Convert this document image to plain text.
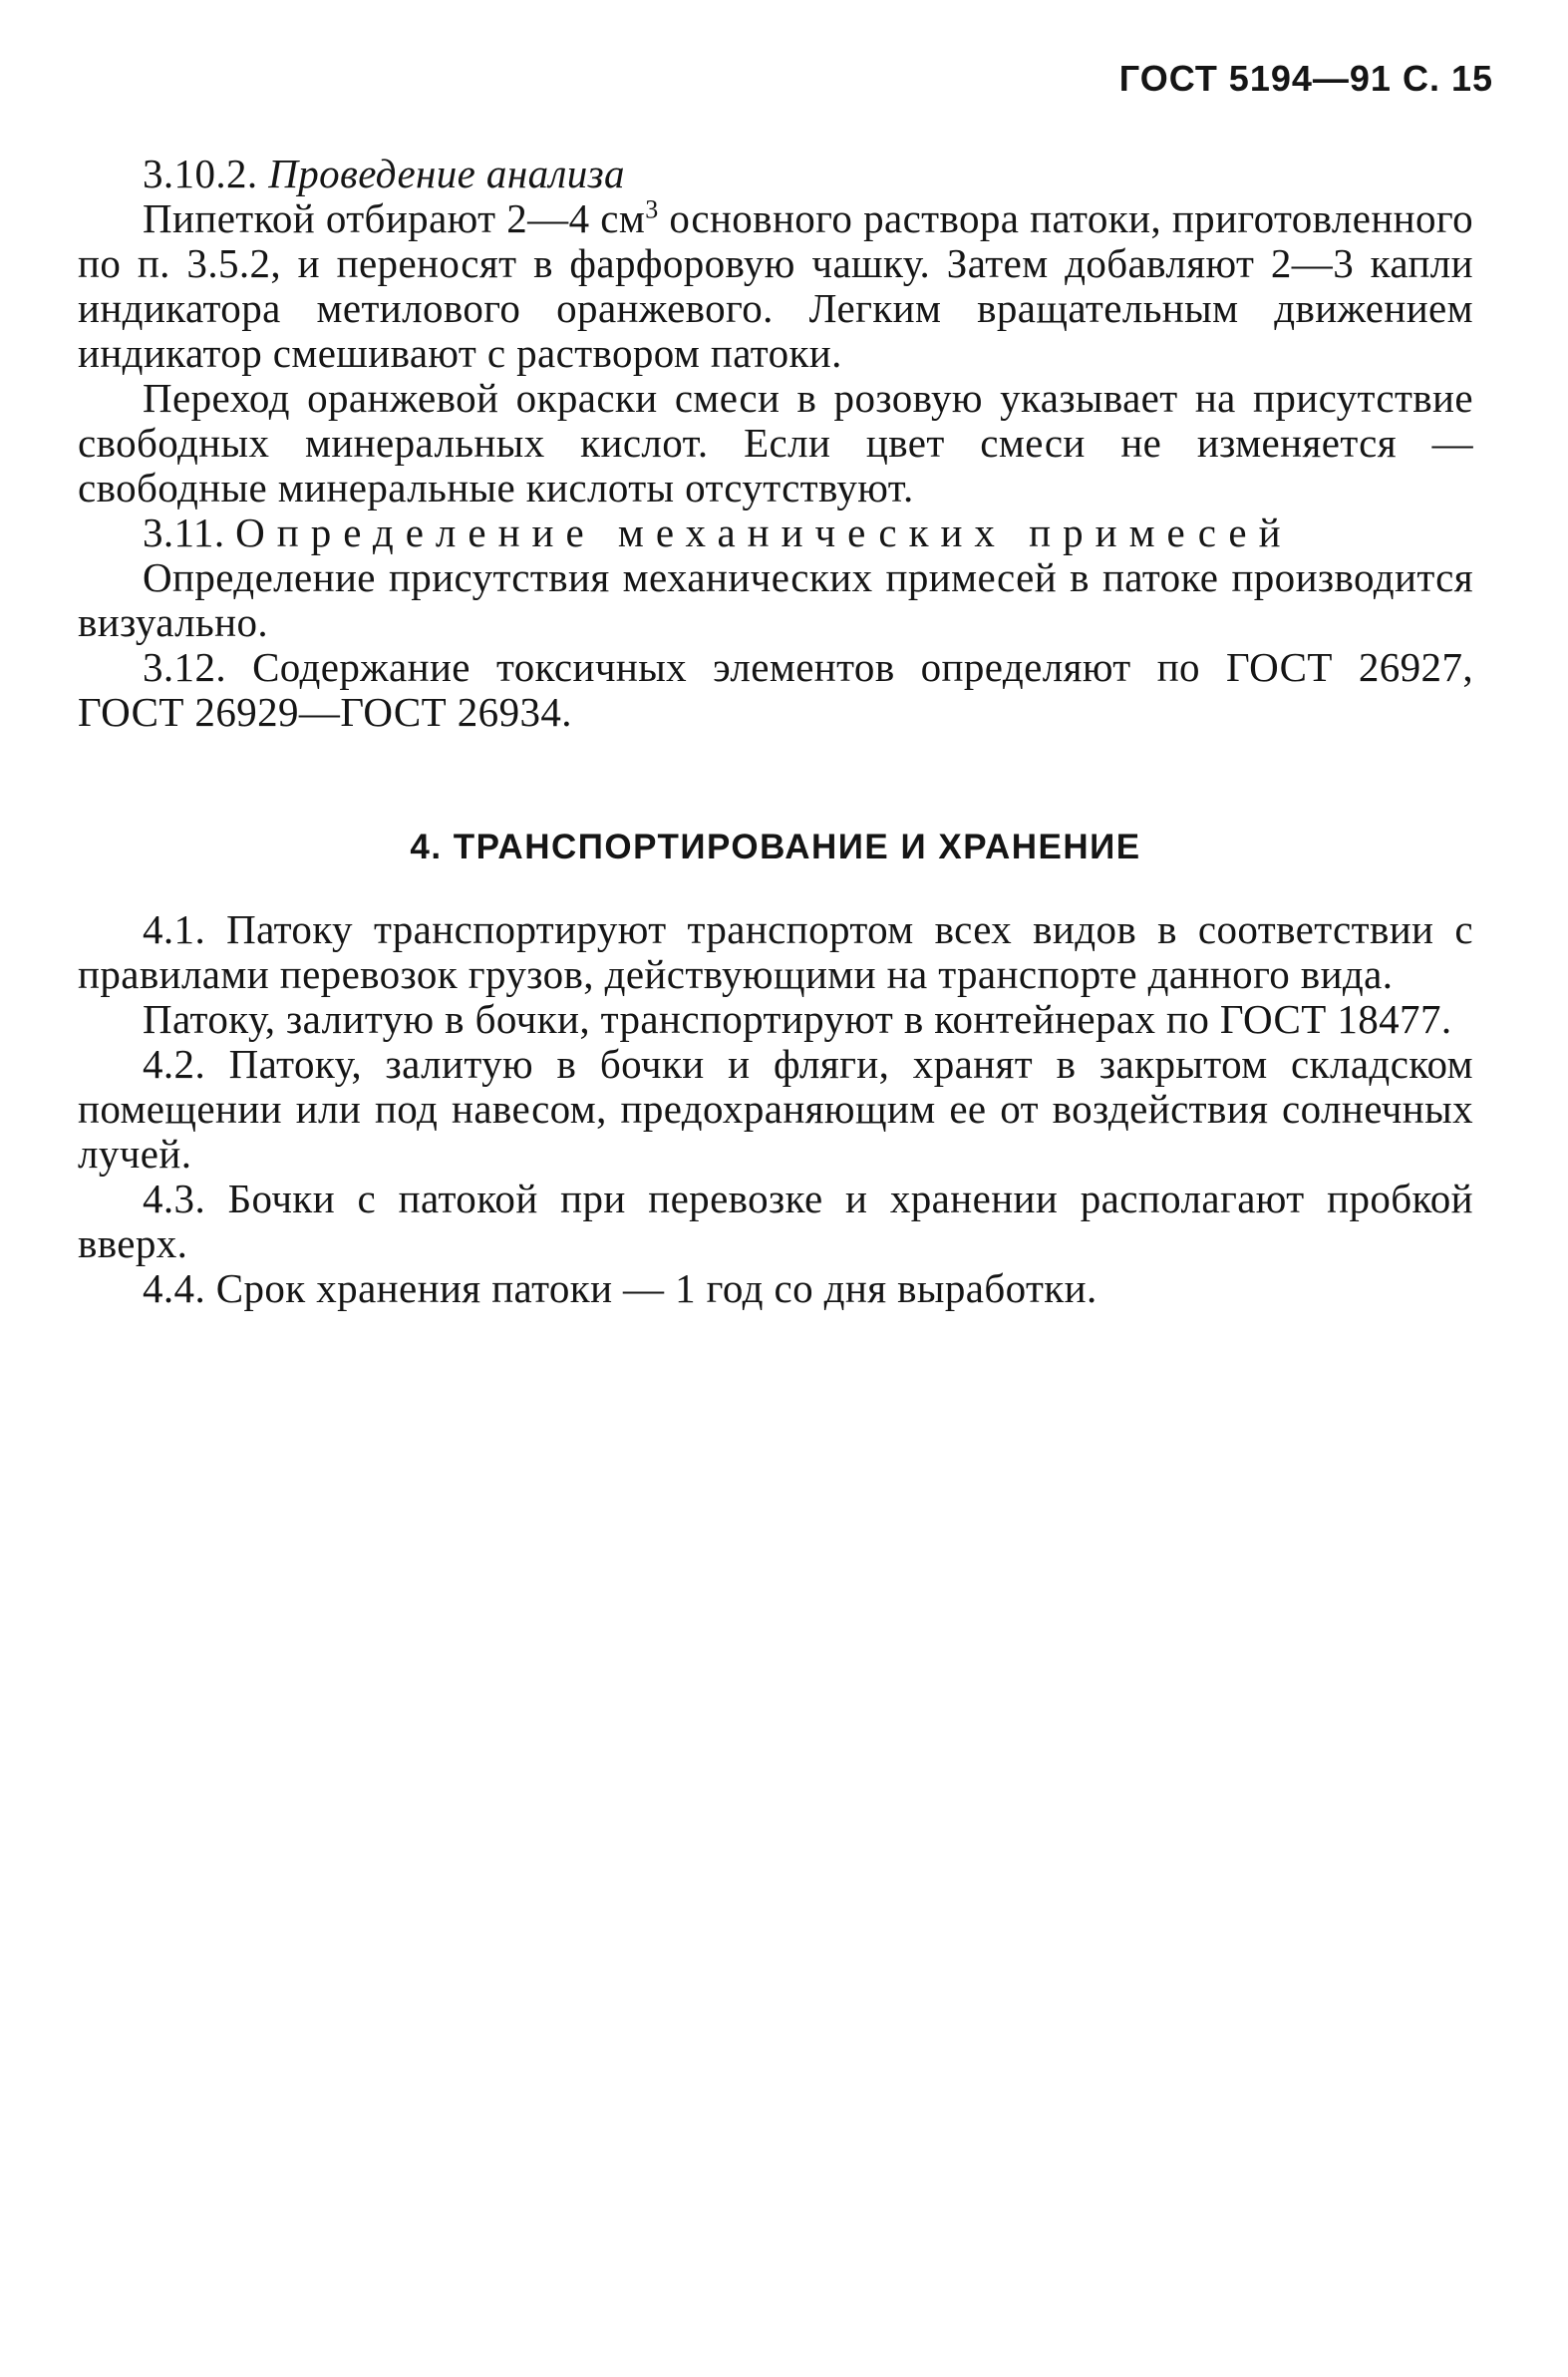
ГОСТ 5194—91 С. 15

3.10.2. Проведение анализа

Пипеткой отбирают 2—4 $см^3$ основного раствора патоки, приготовленного по п. 3.5.2, и переносят в фарфоровую чашку. Затем добавляют 2—3 капли индикатора метилового оранжевого. Легким вращательным движением индикатор смешивают с раствором патоки.

Переход оранжевой окраски смеси в розовую указывает на присутствие свободных минеральных кислот. Если цвет смеси не изменяется — свободные минеральные кислоты отсутствуют.

3.11. Определение механических примесей

Определение присутствия механических примесей в патоке производится визуально.

3.12. Содержание токсичных элементов определяют по ГОСТ 26927, ГОСТ 26929—ГОСТ 26934.

4. ТРАНСПОРТИРОВАНИЕ И ХРАНЕНИЕ

4.1. Патоку транспортируют транспортом всех видов в соответствии с правилами перевозок грузов, действующими на транспорте данного вида.

Патоку, залитую в бочки, транспортируют в контейнерах по ГОСТ 18477.

4.2. Патоку, залитую в бочки и фляги, хранят в закрытом складском помещении или под навесом, предохраняющим ее от воздействия солнечных лучей.

4.3. Бочки с патокой при перевозке и хранении располагают пробкой вверх.

4.4. Срок хранения патоки — 1 год со дня выработки.
